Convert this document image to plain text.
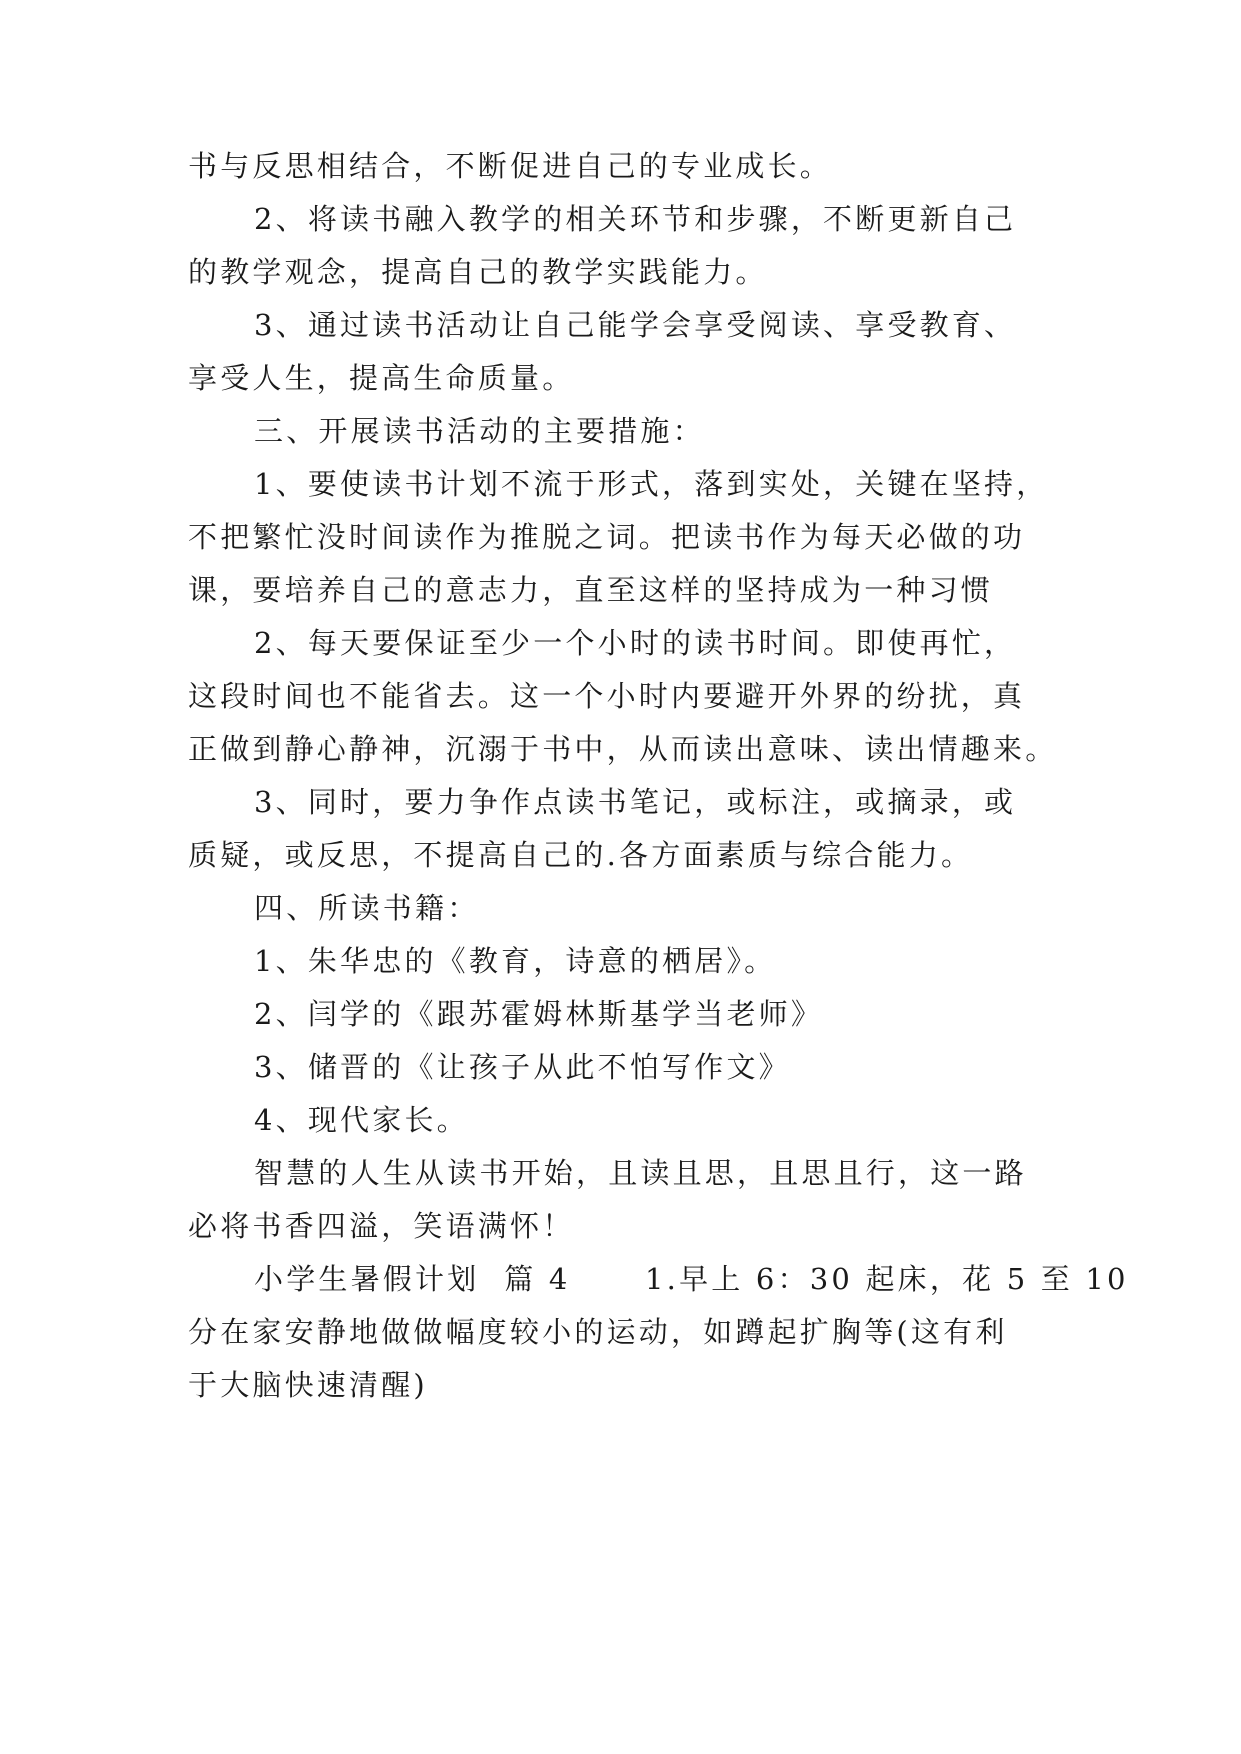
书与反思相结合，不断促进自己的专业成长。
2、将读书融入教学的相关环节和步骤，不断更新自己
的教学观念，提高自己的教学实践能力。
3、通过读书活动让自己能学会享受阅读、享受教育、
享受人生，提高生命质量。
三、开展读书活动的主要措施：
1、要使读书计划不流于形式，落到实处，关键在坚持，
不把繁忙没时间读作为推脱之词。把读书作为每天必做的功
课，要培养自己的意志力，直至这样的坚持成为一种习惯
2、每天要保证至少一个小时的读书时间。即使再忙，
这段时间也不能省去。这一个小时内要避开外界的纷扰，真
正做到静心静神，沉溺于书中，从而读出意味、读出情趣来。
3、同时，要力争作点读书笔记，或标注，或摘录，或
质疑，或反思，不提高自己的.各方面素质与综合能力。
四、所读书籍：
1、朱华忠的《教育，诗意的栖居》。
2、闫学的《跟苏霍姆林斯基学当老师》
3、储晋的《让孩子从此不怕写作文》
4、现代家长。
智慧的人生从读书开始，且读且思，且思且行，这一路
必将书香四溢，笑语满怀！
小学生暑假计划  篇 4      1.早上 6：30 起床，花 5 至 10
分在家安静地做做幅度较小的运动，如蹲起扩胸等(这有利
于大脑快速清醒)
